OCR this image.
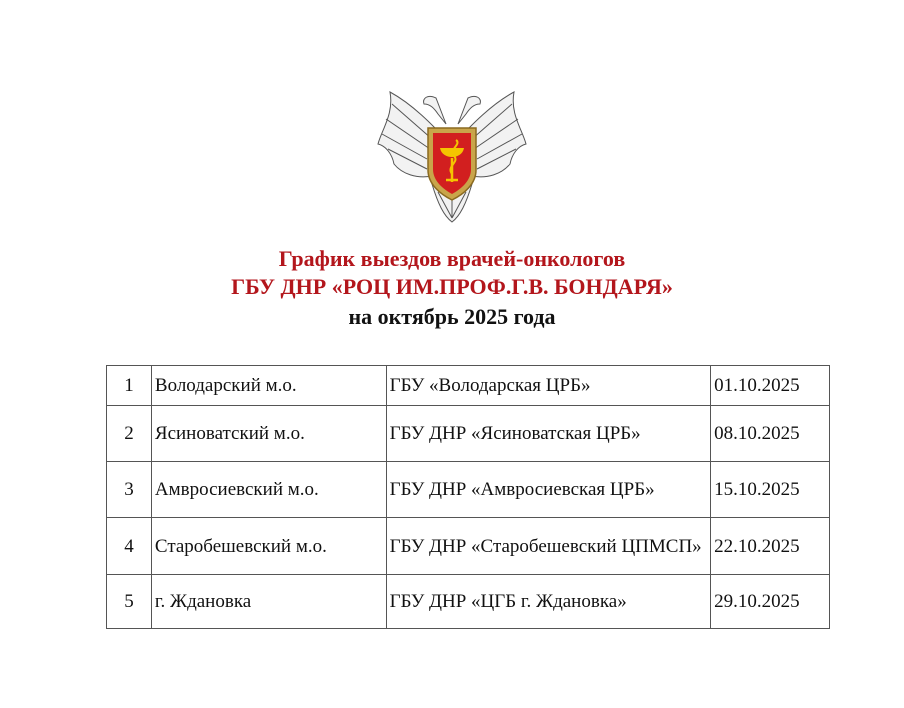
График выездов врачей-онкологов
ГБУ ДНР «РОЦ ИМ.ПРОФ.Г.В. БОНДАРЯ»
на октябрь 2025 года
1	Володарский м.о.	ГБУ «Володарская ЦРБ»	01.10.2025
2	Ясиноватский м.о.	ГБУ ДНР «Ясиноватская ЦРБ»	08.10.2025
3	Амвросиевский м.о.	ГБУ ДНР «Амвросиевская ЦРБ»	15.10.2025
4	Старобешевский м.о.	ГБУ ДНР «Старобешевский ЦПМСП»	22.10.2025
5	г. Ждановка	ГБУ ДНР «ЦГБ г. Ждановка»	29.10.2025
